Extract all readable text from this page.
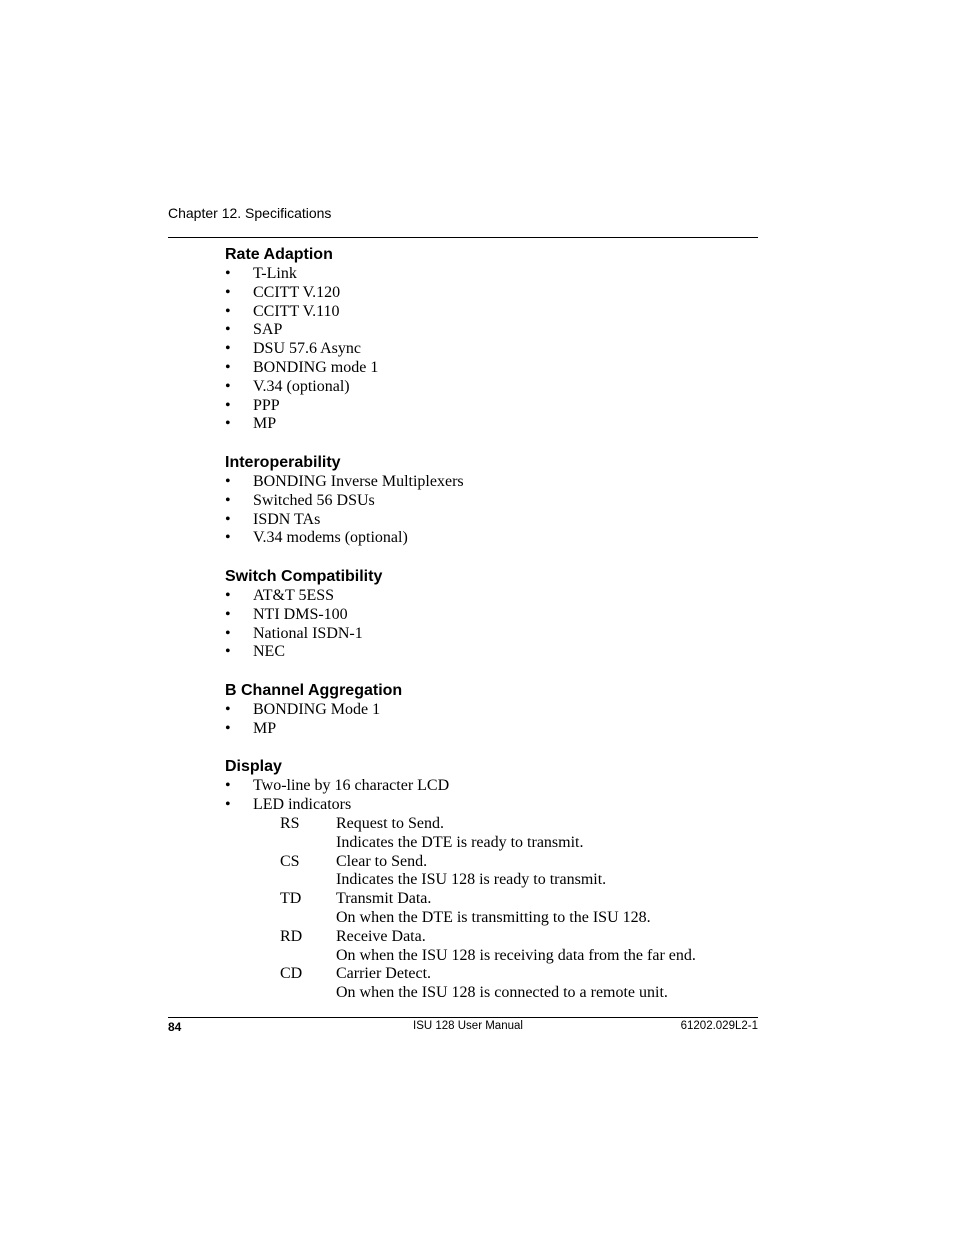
Chapter 12. Specifications
Rate Adaption
• T-Link
• CCITT V.120
• CCITT V.110
• SAP
• DSU 57.6 Async
• BONDING mode 1
• V.34 (optional)
• PPP
• MP
Interoperability
• BONDING Inverse Multiplexers
• Switched 56 DSUs
• ISDN TAs
• V.34 modems (optional)
Switch Compatibility
• AT&T 5ESS
• NTI DMS-100
• National ISDN-1
• NEC
B Channel Aggregation
• BONDING Mode 1
• MP
Display
• Two-line by 16 character LCD
• LED indicators
RS Request to Send.
Indicates the DTE is ready to transmit.
CS Clear to Send.
Indicates the ISU 128 is ready to transmit.
TD Transmit Data.
On when the DTE is transmitting to the ISU 128.
RD Receive Data.
On when the ISU 128 is receiving data from the far end.
CD Carrier Detect.
On when the ISU 128 is connected to a remote unit.
84	ISU 128 User Manual	61202.029L2-1
